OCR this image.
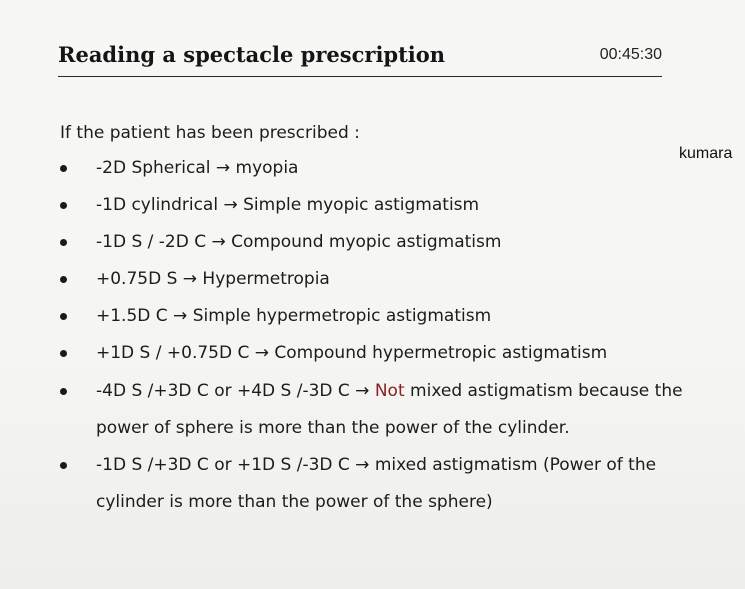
Reading a spectacle prescription	00:45:30
kumara
If the patient has been prescribed :
-2D Spherical → myopia
-1D cylindrical → Simple myopic astigmatism
-1D S / -2D C → Compound myopic astigmatism
+0.75D S → Hypermetropia
+1.5D C → Simple hypermetropic astigmatism
+1D S / +0.75D C → Compound hypermetropic astigmatism
-4D S /+3D C or +4D S /-3D C → Not mixed astigmatism because the power of sphere is more than the power of the cylinder.
-1D S /+3D C or +1D S /-3D C → mixed astigmatism (Power of the cylinder is more than the power of the sphere)
